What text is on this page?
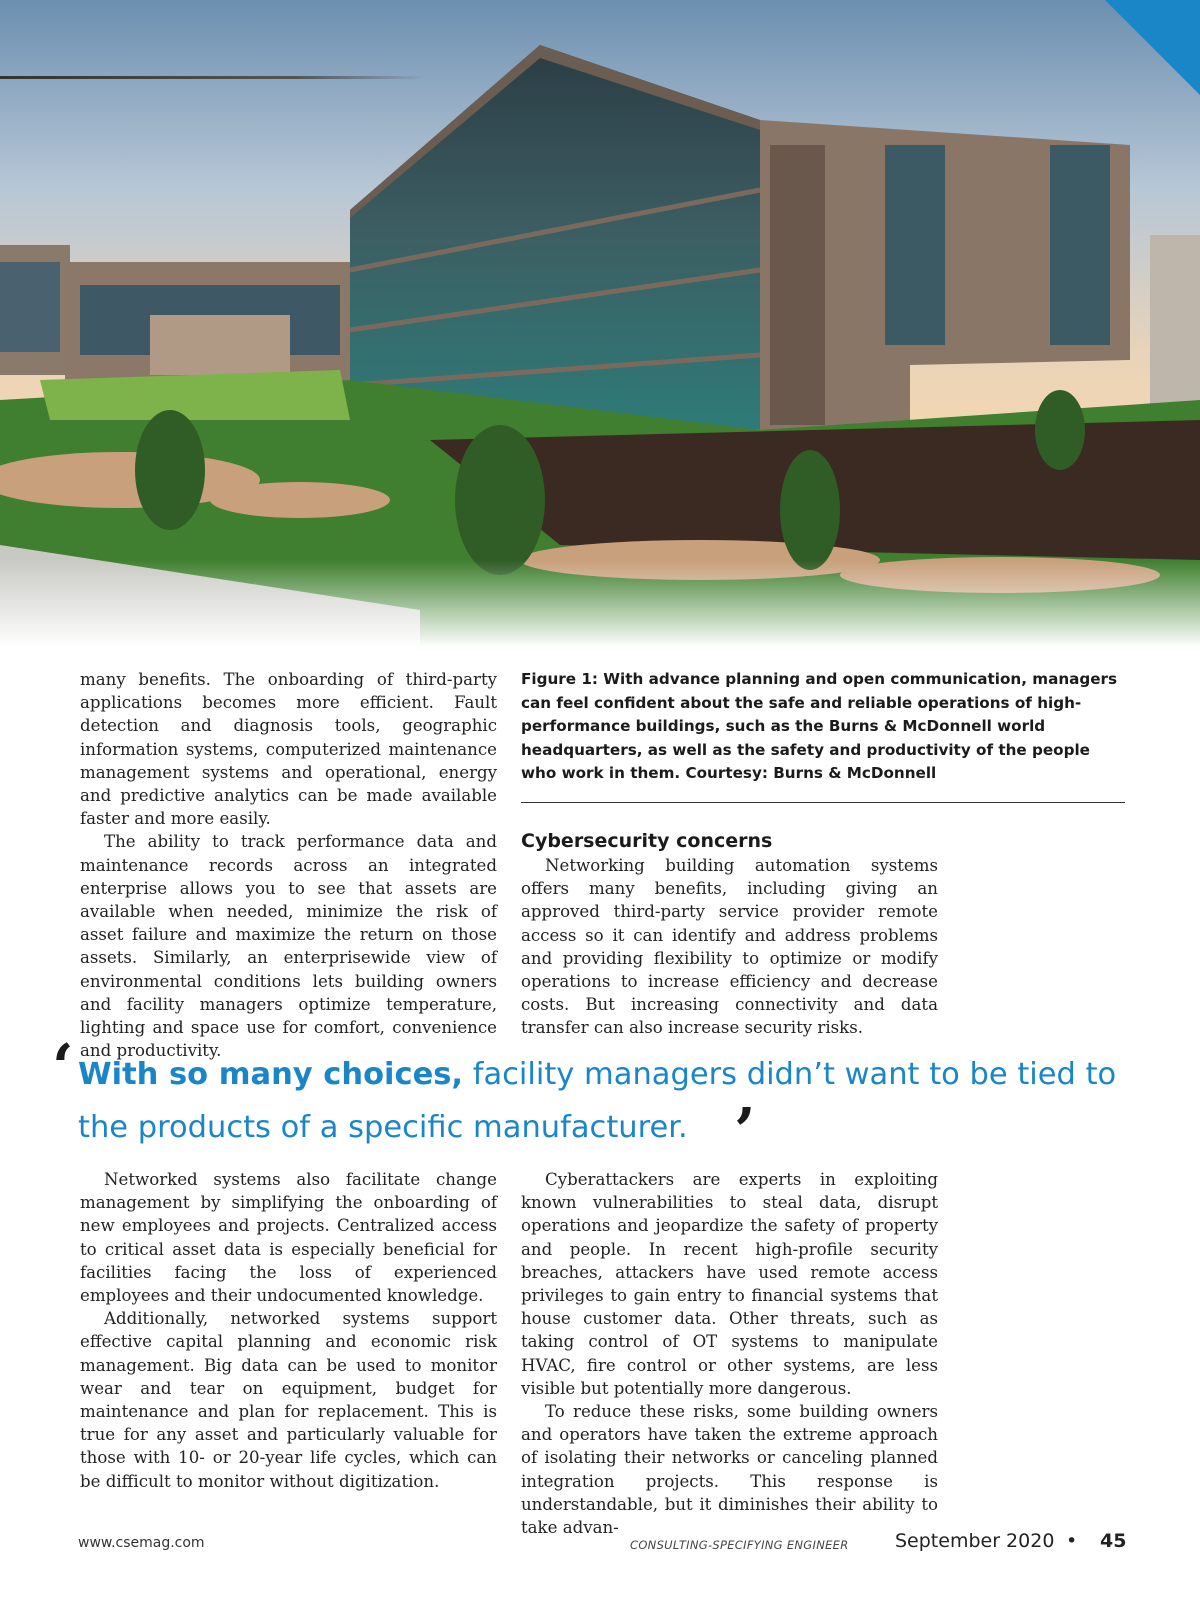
many benefits. The onboarding of third-party applications becomes more efficient. Fault detection and diagnosis tools, geographic information systems, computerized maintenance management systems and operational, energy and predictive analytics can be made available faster and more easily.

The ability to track performance data and maintenance records across an integrated enterprise allows you to see that assets are available when needed, minimize the risk of asset failure and maximize the return on those assets. Similarly, an enterprisewide view of environmental conditions lets building owners and facility managers optimize temperature, lighting and space use for comfort, convenience and productivity.

Figure 1: With advance planning and open communication, managers can feel confident about the safe and reliable operations of high-performance buildings, such as the Burns & McDonnell world headquarters, as well as the safety and productivity of the people who work in them. Courtesy: Burns & McDonnell
Cybersecurity concerns

Networking building automation systems offers many benefits, including giving an approved third-party service provider remote access so it can identify and address problems and providing flexibility to optimize or modify operations to increase efficiency and decrease costs. But increasing connectivity and data transfer can also increase security risks.

‘ With so many choices, facility managers didn’t want to be tied to the products of a specific manufacturer. ’

Networked systems also facilitate change management by simplifying the onboarding of new employees and projects. Centralized access to critical asset data is especially beneficial for facilities facing the loss of experienced employees and their undocumented knowledge.

Additionally, networked systems support effective capital planning and economic risk management. Big data can be used to monitor wear and tear on equipment, budget for maintenance and plan for replacement. This is true for any asset and particularly valuable for those with 10- or 20-year life cycles, which can be difficult to monitor without digitization.

Cyberattackers are experts in exploiting known vulnerabilities to steal data, disrupt operations and jeopardize the safety of property and people. In recent high-profile security breaches, attackers have used remote access privileges to gain entry to financial systems that house customer data. Other threats, such as taking control of OT systems to manipulate HVAC, fire control or other systems, are less visible but potentially more dangerous.

To reduce these risks, some building owners and operators have taken the extreme approach of isolating their networks or canceling planned integration projects. This response is understandable, but it diminishes their ability to take advan-

www.csemag.com	CONSULTING-SPECIFYING ENGINEER September 2020 • 45
